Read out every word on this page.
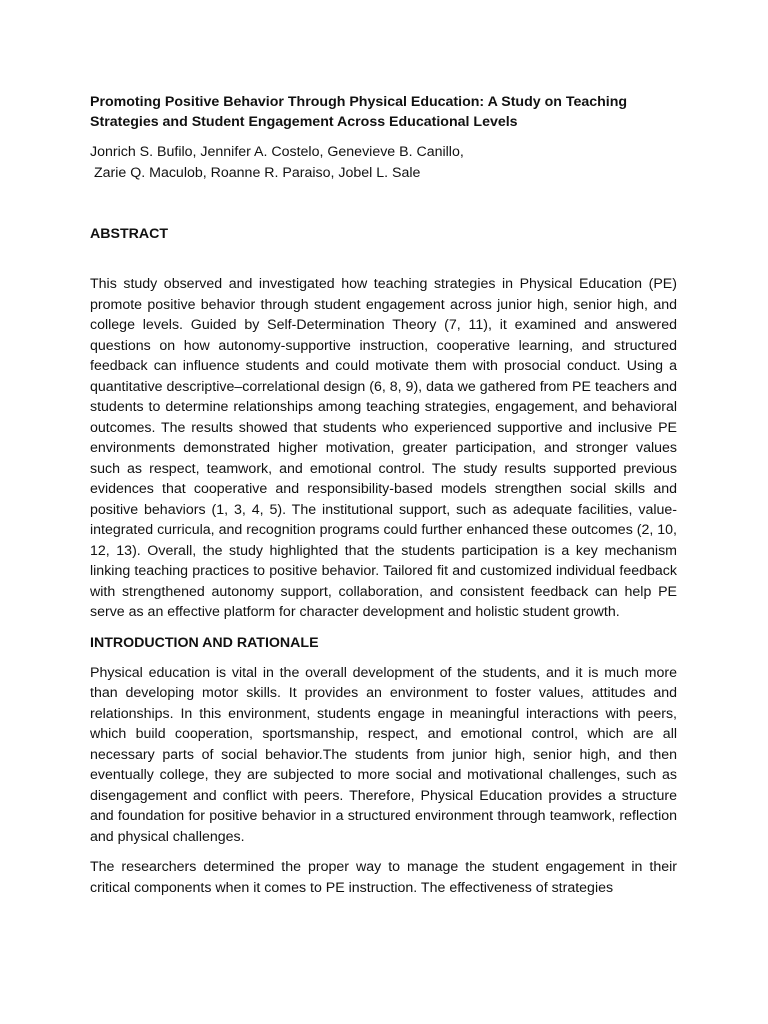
Promoting Positive Behavior Through Physical Education: A Study on Teaching Strategies and Student Engagement Across Educational Levels

Jonrich S. Bufilo, Jennifer A. Costelo, Genevieve B. Canillo,
Zarie Q. Maculob, Roanne R. Paraiso, Jobel L. Sale

ABSTRACT

This study observed and investigated how teaching strategies in Physical Education (PE) promote positive behavior through student engagement across junior high, senior high, and college levels. Guided by Self-Determination Theory (7, 11), it examined and answered questions on how autonomy-supportive instruction, cooperative learning, and structured feedback can influence students and could motivate them with prosocial conduct. Using a quantitative descriptive–correlational design (6, 8, 9), data we gathered from PE teachers and students to determine relationships among teaching strategies, engagement, and behavioral outcomes. The results showed that students who experienced supportive and inclusive PE environments demonstrated higher motivation, greater participation, and stronger values such as respect, teamwork, and emotional control. The study results supported previous evidences that cooperative and responsibility-based models strengthen social skills and positive behaviors (1, 3, 4, 5). The institutional support, such as adequate facilities, value-integrated curricula, and recognition programs could further enhanced these outcomes (2, 10, 12, 13). Overall, the study highlighted that the students participation is a key mechanism linking teaching practices to positive behavior. Tailored fit and customized individual feedback with strengthened autonomy support, collaboration, and consistent feedback can help PE serve as an effective platform for character development and holistic student growth.

INTRODUCTION AND RATIONALE

Physical education is vital in the overall development of the students, and it is much more than developing motor skills. It provides an environment to foster values, attitudes and relationships. In this environment, students engage in meaningful interactions with peers, which build cooperation, sportsmanship, respect, and emotional control, which are all necessary parts of social behavior.The students from junior high, senior high, and then eventually college, they are subjected to more social and motivational challenges, such as disengagement and conflict with peers. Therefore, Physical Education provides a structure and foundation for positive behavior in a structured environment through teamwork, reflection and physical challenges.

The researchers determined the proper way to manage the student engagement in their critical components when it comes to PE instruction. The effectiveness of strategies
